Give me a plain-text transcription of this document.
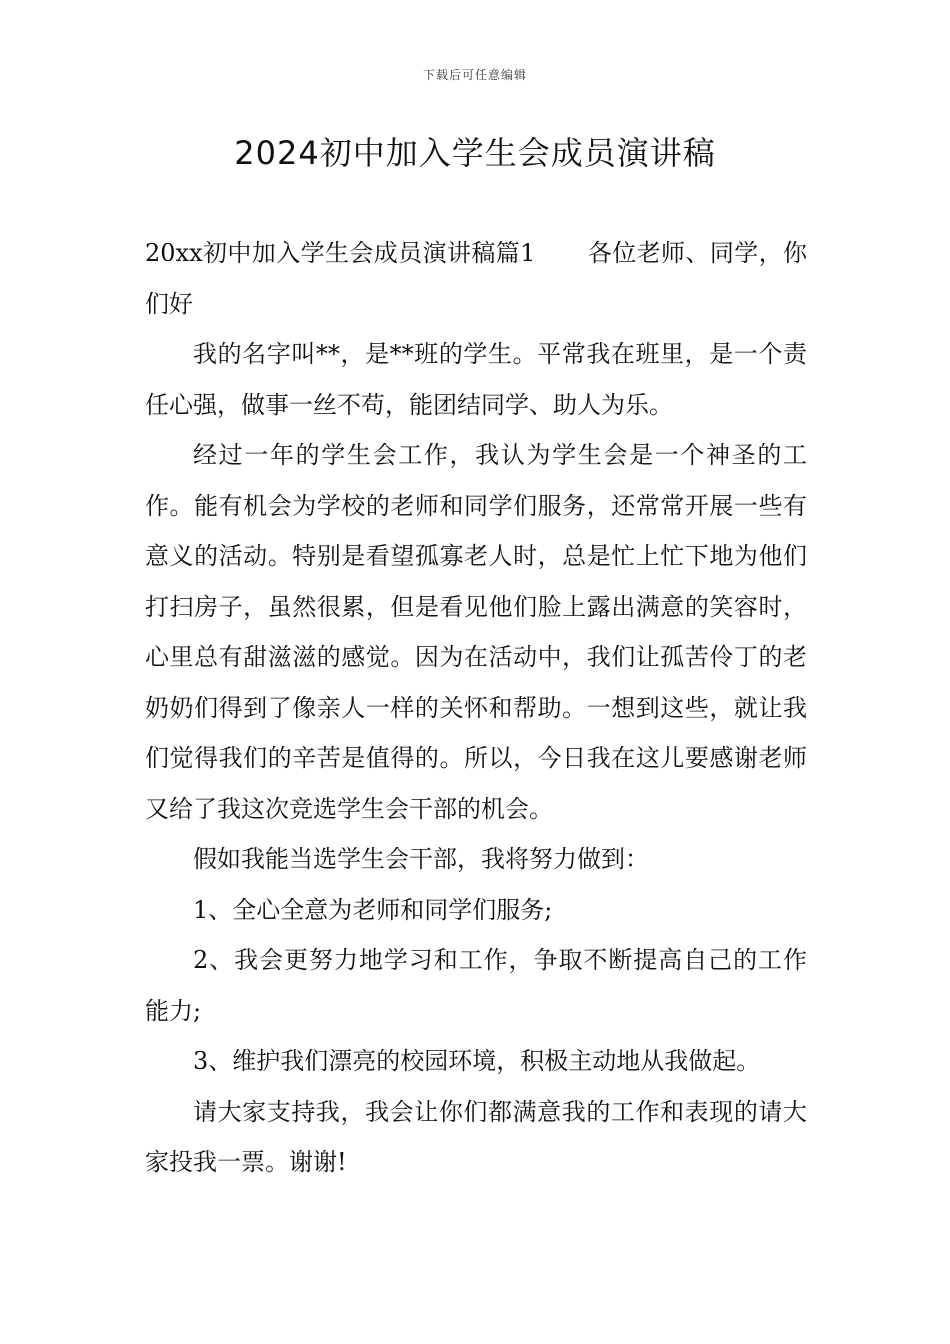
下载后可任意编辑
2024初中加入学生会成员演讲稿

20xx初中加入学生会成员演讲稿篇1 各位老师、同学，你们好

我的名字叫**，是**班的学生。平常我在班里，是一个责任心强，做事一丝不苟，能团结同学、助人为乐。

经过一年的学生会工作，我认为学生会是一个神圣的工作。能有机会为学校的老师和同学们服务，还常常开展一些有意义的活动。特别是看望孤寡老人时，总是忙上忙下地为他们打扫房子，虽然很累，但是看见他们脸上露出满意的笑容时，心里总有甜滋滋的感觉。因为在活动中，我们让孤苦伶丁的老奶奶们得到了像亲人一样的关怀和帮助。一想到这些，就让我们觉得我们的辛苦是值得的。所以，今日我在这儿要感谢老师又给了我这次竞选学生会干部的机会。

假如我能当选学生会干部，我将努力做到：

1、全心全意为老师和同学们服务;

2、我会更努力地学习和工作，争取不断提高自己的工作能力;

3、维护我们漂亮的校园环境，积极主动地从我做起。

请大家支持我，我会让你们都满意我的工作和表现的请大家投我一票。谢谢!
